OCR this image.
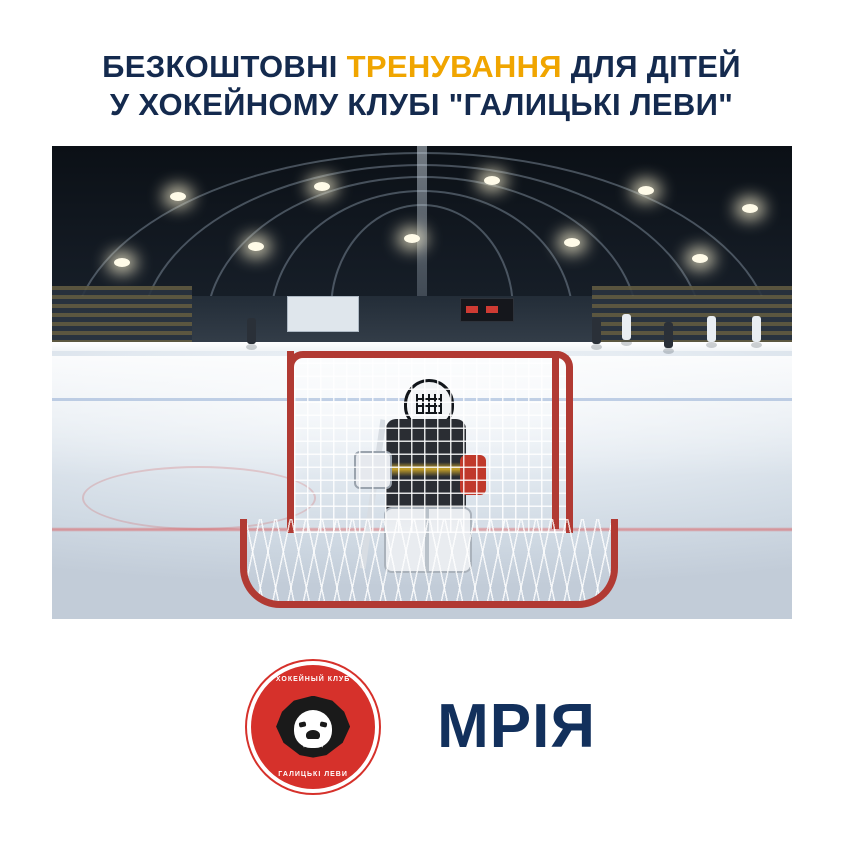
БЕЗКОШТОВНІ ТРЕНУВАННЯ ДЛЯ ДІТЕЙ
У ХОКЕЙНОМУ КЛУБІ "ГАЛИЦЬКІ ЛЕВИ"
ХОКЕЙНЫЙ КЛУБ
ГАЛИЦЬКІ ЛЕВИ
МРІЯ
